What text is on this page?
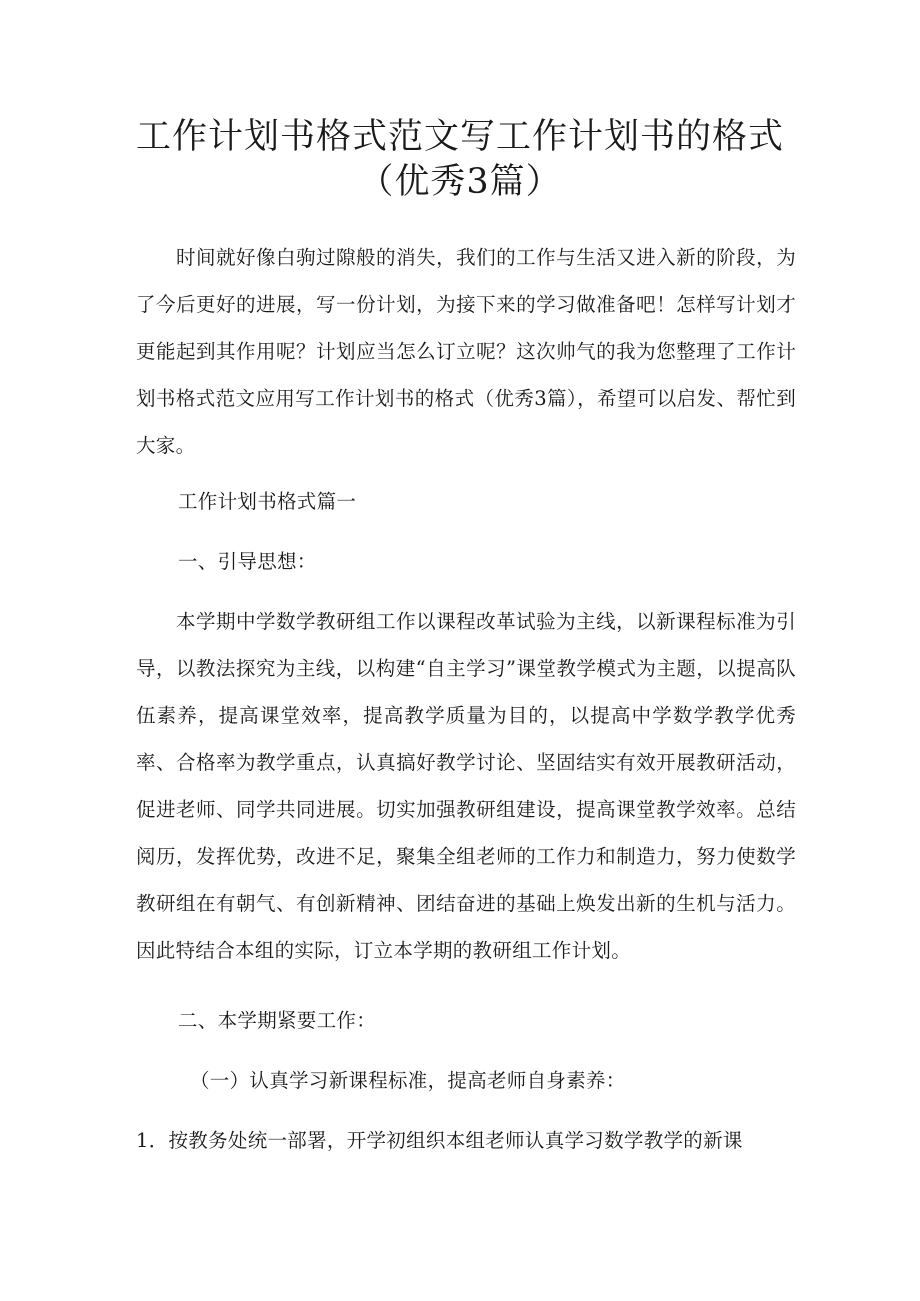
工作计划书格式范文写工作计划书的格式
（优秀3篇）

时间就好像白驹过隙般的消失，我们的工作与生活又进入新的阶段，为了今后更好的进展，写一份计划，为接下来的学习做准备吧！怎样写计划才更能起到其作用呢？计划应当怎么订立呢？这次帅气的我为您整理了工作计划书格式范文应用写工作计划书的格式（优秀3篇），希望可以启发、帮忙到大家。

工作计划书格式篇一

一、引导思想：

本学期中学数学教研组工作以课程改革试验为主线，以新课程标准为引导，以教法探究为主线，以构建“自主学习”课堂教学模式为主题，以提高队伍素养，提高课堂效率，提高教学质量为目的，以提高中学数学教学优秀率、合格率为教学重点，认真搞好教学讨论、坚固结实有效开展教研活动，促进老师、同学共同进展。切实加强教研组建设，提高课堂教学效率。总结阅历，发挥优势，改进不足，聚集全组老师的工作力和制造力，努力使数学教研组在有朝气、有创新精神、团结奋进的基础上焕发出新的生机与活力。因此特结合本组的实际，订立本学期的教研组工作计划。

二、本学期紧要工作：

（一）认真学习新课程标准，提高老师自身素养：

1．按教务处统一部署，开学初组织本组老师认真学习数学教学的新课
